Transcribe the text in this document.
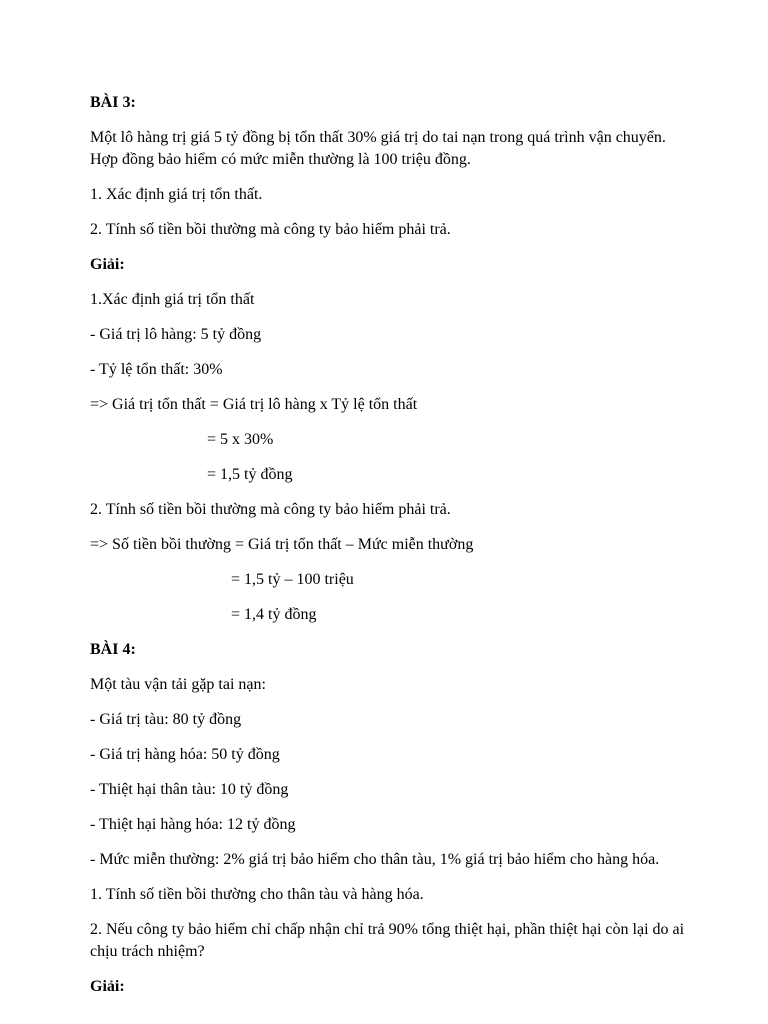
BÀI 3:
Một lô hàng trị giá 5 tỷ đồng bị tổn thất 30% giá trị do tai nạn trong quá trình vận chuyển. Hợp đồng bảo hiểm có mức miễn thường là 100 triệu đồng.
1. Xác định giá trị tổn thất.
2. Tính số tiền bồi thường mà công ty bảo hiểm phải trả.
Giải:
1.Xác định giá trị tổn thất
- Giá trị lô hàng: 5 tỷ đồng
- Tỷ lệ tổn thất: 30%
=> Giá trị tổn thất = Giá trị lô hàng x Tỷ lệ tổn thất
= 5 x 30%
= 1,5 tỷ đồng
2. Tính số tiền bồi thường mà công ty bảo hiểm phải trả.
=> Số tiền bồi thường = Giá trị tổn thất – Mức miễn thường
= 1,5 tỷ – 100 triệu
= 1,4 tỷ đồng
BÀI 4:
Một tàu vận tải gặp tai nạn:
- Giá trị tàu: 80 tỷ đồng
- Giá trị hàng hóa: 50 tỷ đồng
- Thiệt hại thân tàu: 10 tỷ đồng
- Thiệt hại hàng hóa: 12 tỷ đồng
- Mức miễn thường: 2% giá trị bảo hiểm cho thân tàu, 1% giá trị bảo hiểm cho hàng hóa.
1. Tính số tiền bồi thường cho thân tàu và hàng hóa.
2. Nếu công ty bảo hiểm chỉ chấp nhận chỉ trả 90% tổng thiệt hại, phần thiệt hại còn lại do ai chịu trách nhiệm?
Giải:
